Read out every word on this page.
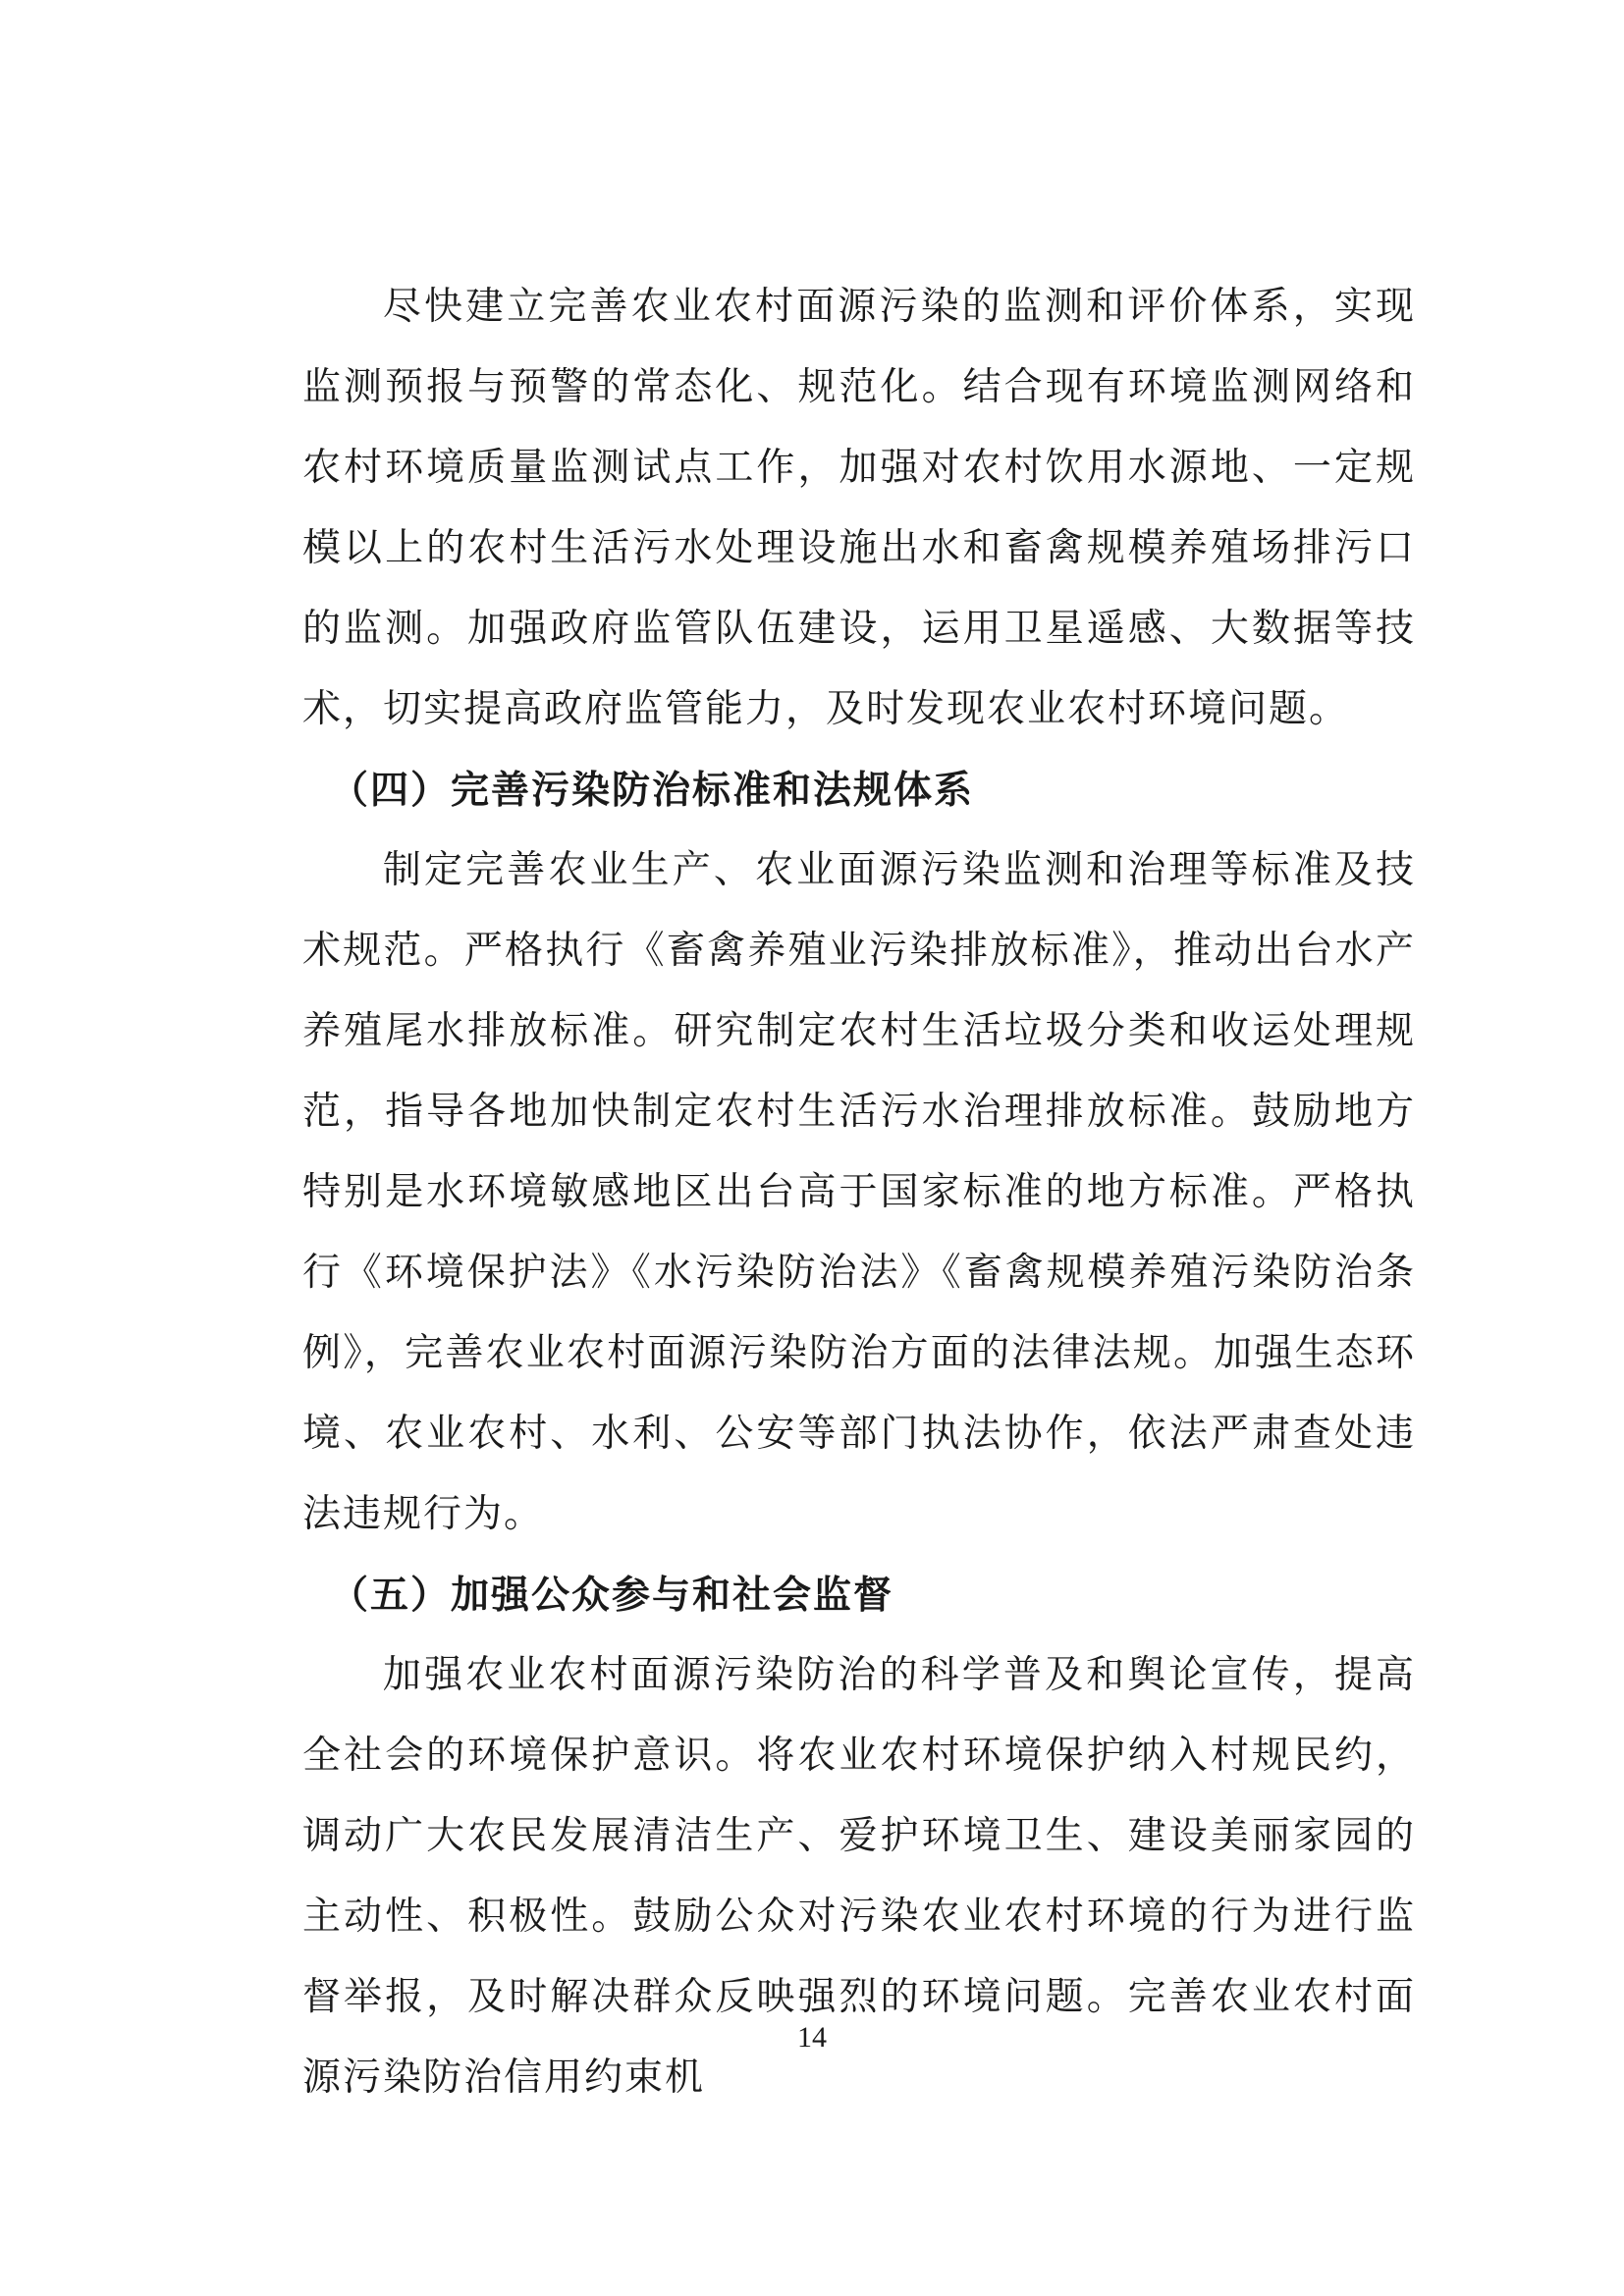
尽快建立完善农业农村面源污染的监测和评价体系，实现监测预报与预警的常态化、规范化。结合现有环境监测网络和农村环境质量监测试点工作，加强对农村饮用水源地、一定规模以上的农村生活污水处理设施出水和畜禽规模养殖场排污口的监测。加强政府监管队伍建设，运用卫星遥感、大数据等技术，切实提高政府监管能力，及时发现农业农村环境问题。

（四）完善污染防治标准和法规体系

制定完善农业生产、农业面源污染监测和治理等标准及技术规范。严格执行《畜禽养殖业污染排放标准》，推动出台水产养殖尾水排放标准。研究制定农村生活垃圾分类和收运处理规范，指导各地加快制定农村生活污水治理排放标准。鼓励地方特别是水环境敏感地区出台高于国家标准的地方标准。严格执行《环境保护法》《水污染防治法》《畜禽规模养殖污染防治条例》，完善农业农村面源污染防治方面的法律法规。加强生态环境、农业农村、水利、公安等部门执法协作，依法严肃查处违法违规行为。

（五）加强公众参与和社会监督

加强农业农村面源污染防治的科学普及和舆论宣传，提高全社会的环境保护意识。将农业农村环境保护纳入村规民约，调动广大农民发展清洁生产、爱护环境卫生、建设美丽家园的主动性、积极性。鼓励公众对污染农业农村环境的行为进行监督举报，及时解决群众反映强烈的环境问题。完善农业农村面源污染防治信用约束机

14
